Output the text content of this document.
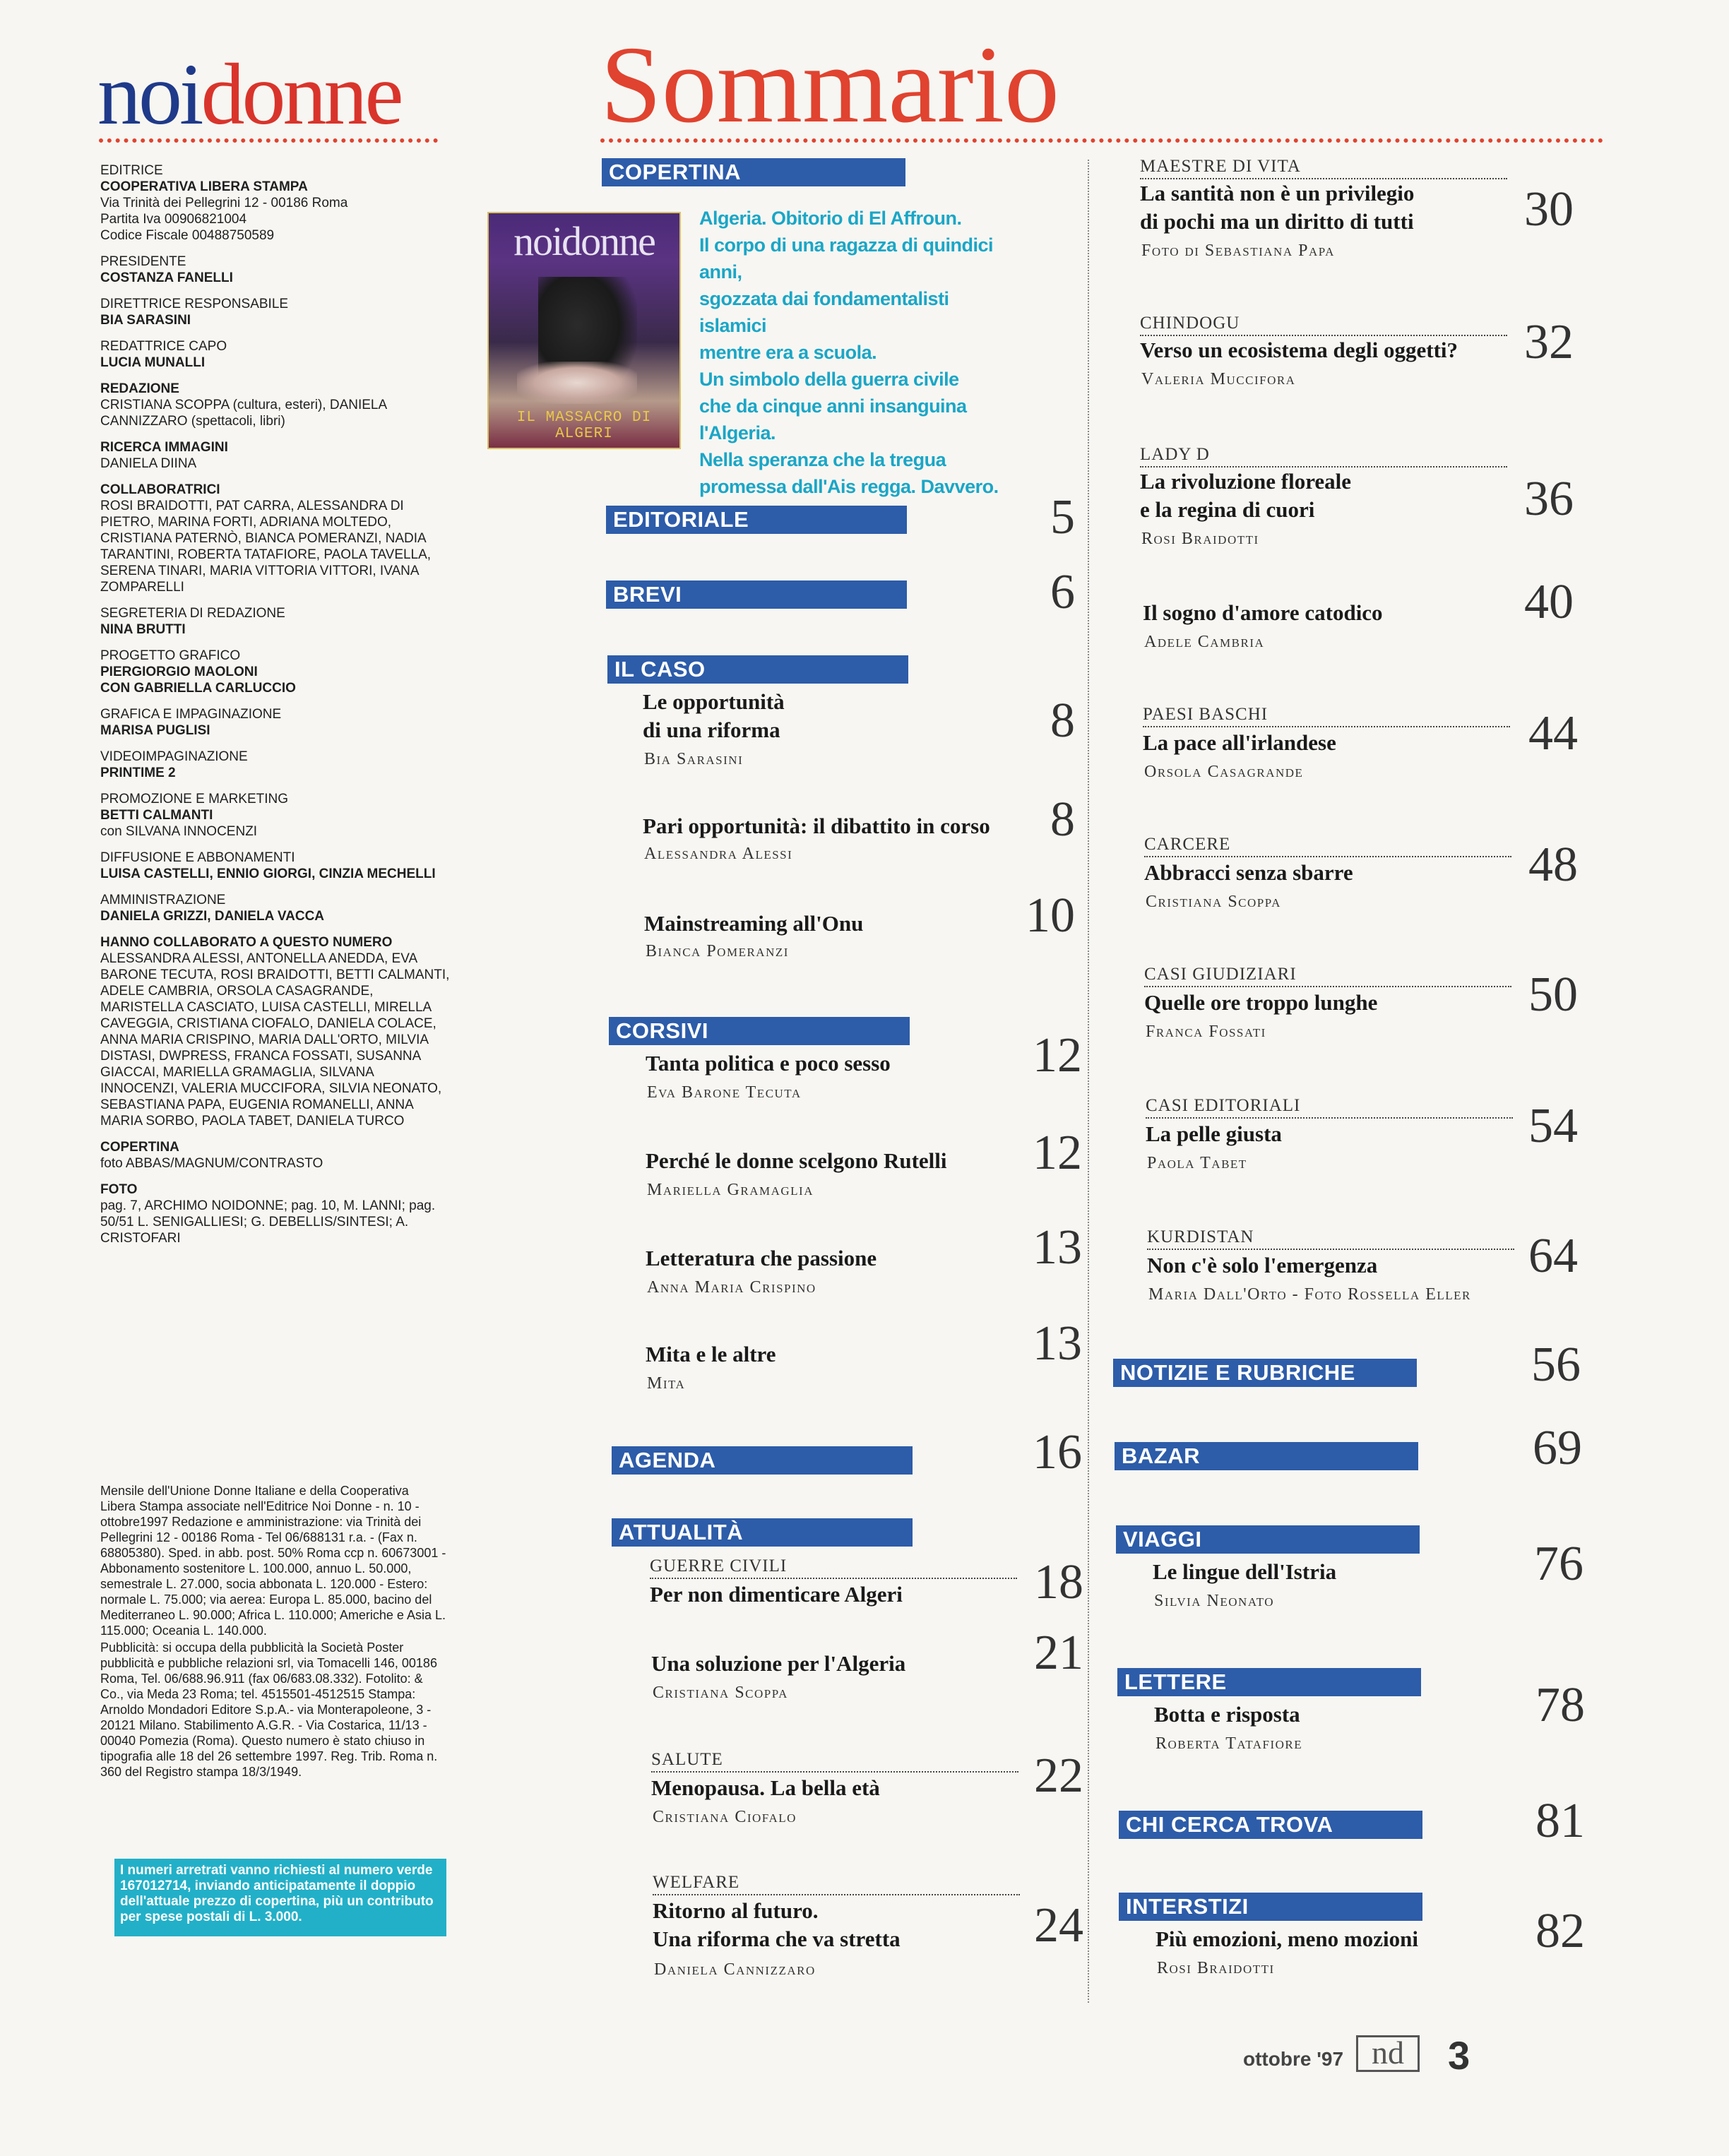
noidonne Sommario
EDITRICE
COOPERATIVA LIBERA STAMPA
Via Trinità dei Pellegrini 12 - 00186 Roma
Partita Iva 00906821004
Codice Fiscale 00488750589
PRESIDENTE
COSTANZA FANELLI
DIRETTRICE RESPONSABILE
BIA SARASINI
REDATTRICE CAPO
LUCIA MUNALLI
REDAZIONE
CRISTIANA SCOPPA (cultura, esteri), DANIELA CANNIZZARO (spettacoli, libri)
RICERCA IMMAGINI
DANIELA DIINA
COLLABORATRICI
ROSI BRAIDOTTI, PAT CARRA, ALESSANDRA DI PIETRO, MARINA FORTI, ADRIANA MOLTEDO, CRISTIANA PATERNÒ, BIANCA POMERANZI, NADIA TARANTINI, ROBERTA TATAFIORE, PAOLA TAVELLA, SERENA TINARI, MARIA VITTORIA VITTORI, IVANA ZOMPARELLI
SEGRETERIA DI REDAZIONE
NINA BRUTTI
PROGETTO GRAFICO
PIERGIORGIO MAOLONI
CON GABRIELLA CARLUCCIO
GRAFICA E IMPAGINAZIONE
MARISA PUGLISI
VIDEOIMPAGINAZIONE
PRINTIME 2
PROMOZIONE E MARKETING
BETTI CALMANTI
con SILVANA INNOCENZI
DIFFUSIONE E ABBONAMENTI
LUISA CASTELLI, ENNIO GIORGI, CINZIA MECHELLI
AMMINISTRAZIONE
DANIELA GRIZZI, DANIELA VACCA
HANNO COLLABORATO A QUESTO NUMERO
ALESSANDRA ALESSI, ANTONELLA ANEDDA, EVA BARONE TECUTA, ROSI BRAIDOTTI, BETTI CALMANTI, ADELE CAMBRIA, ORSOLA CASAGRANDE, MARISTELLA CASCIATO, LUISA CASTELLI, MIRELLA CAVEGGIA, CRISTIANA CIOFALO, DANIELA COLACE, ANNA MARIA CRISPINO, MARIA DALL'ORTO, MILVIA DISTASI, DWPRESS, FRANCA FOSSATI, SUSANNA GIACCAI, MARIELLA GRAMAGLIA, SILVANA INNOCENZI, VALERIA MUCCIFORA, SILVIA NEONATO, SEBASTIANA PAPA, EUGENIA ROMANELLI, ANNA MARIA SORBO, PAOLA TABET, DANIELA TURCO
COPERTINA
foto ABBAS/MAGNUM/CONTRASTO
FOTO
pag. 7, ARCHIMO NOIDONNE; pag. 10, M. LANNI; pag. 50/51 L. SENIGALLIESI; G. DEBELLIS/SINTESI; A. CRISTOFARI

Mensile dell'Unione Donne Italiane e della Cooperativa Libera Stampa associate nell'Editrice Noi Donne - n. 10 - ottobre1997 Redazione e amministrazione: via Trinità dei Pellegrini 12 - 00186 Roma - Tel 06/688131 r.a. - (Fax n. 68805380). Sped. in abb. post. 50% Roma ccp n. 60673001 - Abbonamento sostenitore L. 100.000, annuo L. 50.000, semestrale L. 27.000, socia abbonata L. 120.000 - Estero: normale L. 75.000; via aerea: Europa L. 85.000, bacino del Mediterraneo L. 90.000; Africa L. 110.000; Americhe e Asia L. 115.000; Oceania L. 140.000.

Pubblicità: si occupa della pubblicità la Società Poster pubblicità e pubbliche relazioni srl, via Tomacelli 146, 00186 Roma, Tel. 06/688.96.911 (fax 06/683.08.332). Fotolito: & Co., via Meda 23 Roma; tel. 4515501-4512515 Stampa: Arnoldo Mondadori Editore S.p.A.- via Monterapoleone, 3 - 20121 Milano. Stabilimento A.G.R. - Via Costarica, 11/13 - 00040 Pomezia (Roma). Questo numero è stato chiuso in tipografia alle 18 del 26 settembre 1997. Reg. Trib. Roma n. 360 del Registro stampa 18/3/1949.

I numeri arretrati vanno richiesti al numero verde 167012714, inviando anticipatamente il doppio dell'attuale prezzo di copertina, più un contributo per spese postali di L. 3.000.
COPERTINA
noidonne
IL MASSACRO DI ALGERI
Algeria. Obitorio di El Affroun.
Il corpo di una ragazza di quindici anni,
sgozzata dai fondamentalisti islamici
mentre era a scuola.
Un simbolo della guerra civile
che da cinque anni insanguina l'Algeria.
Nella speranza che la tregua
promessa dall'Ais regga. Davvero.
EDITORIALE	5
BREVI	6
IL CASO
Le opportunità
di una riforma
Bia Sarasini
8
Pari opportunità: il dibattito in corso
Alessandra Alessi
8
Mainstreaming all'Onu
Bianca Pomeranzi
10
CORSIVI
Tanta politica e poco sesso
Eva Barone Tecuta
12
Perché le donne scelgono Rutelli
Mariella Gramaglia
12
Letteratura che passione
Anna Maria Crispino
13
Mita e le altre
Mita
13
AGENDA	16
ATTUALITÀ
GUERRE CIVILI
Per non dimenticare Algeri	18
Una soluzione per l'Algeria
Cristiana Scoppa
21
SALUTE
Menopausa. La bella età
Cristiana Ciofalo
22
WELFARE
Ritorno al futuro.
Una riforma che va stretta
Daniela Cannizzaro
24
MAESTRE DI VITA
La santità non è un privilegio
di pochi ma un diritto di tutti
Foto di Sebastiana Papa
30
CHINDOGU
Verso un ecosistema degli oggetti?
Valeria Muccifora
32
LADY D
La rivoluzione floreale
e la regina di cuori
Rosi Braidotti
36
Il sogno d'amore catodico
Adele Cambria
40
PAESI BASCHI
La pace all'irlandese
Orsola Casagrande
44
CARCERE
Abbracci senza sbarre
Cristiana Scoppa
48
CASI GIUDIZIARI
Quelle ore troppo lunghe
Franca Fossati
50
CASI EDITORIALI
La pelle giusta
Paola Tabet
54
KURDISTAN
Non c'è solo l'emergenza
Maria Dall'Orto - Foto Rossella Eller
64
NOTIZIE E RUBRICHE	56
BAZAR	69
VIAGGI
Le lingue dell'Istria
Silvia Neonato
76
LETTERE
Botta e risposta
Roberta Tatafiore
78
CHI CERCA TROVA	81
INTERSTIZI
Più emozioni, meno mozioni
Rosi Braidotti
82
ottobre '97 nd	3
